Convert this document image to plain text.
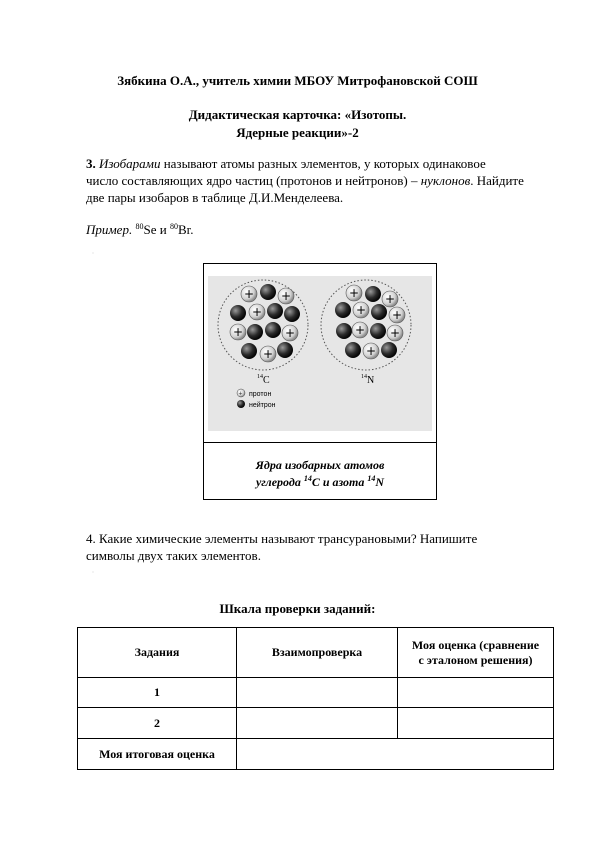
Зябкина О.А., учитель химии МБОУ Митрофановской СОШ
Дидактическая карточка: «Изотопы.
Ядерные реакции»-2
3. Изобарами называют атомы разных элементов, у которых одинаковое
число составляющих ядро частиц (протонов и нейтронов) – нуклонов. Найдите
две пары изобаров в таблице Д.И.Менделеева.
Пример. $^{80}$Se и $^{80}$Br.
ˌ
+ +
+
+	+
+
+ +
+ +
+ +
+
14 C	14 N
+ протон
нейтрон
Ядра изобарных атомов
углерода $^{14}$С и азота $^{14}$N
4. Какие химические элементы называют трансурановыми? Напишите
символы двух таких элементов.
ˌ
Шкала проверки заданий:
Задания	Взаимопроверка	Моя оценка (сравнение
с эталоном решения)

1		
2		
Моя итоговая оценка		
